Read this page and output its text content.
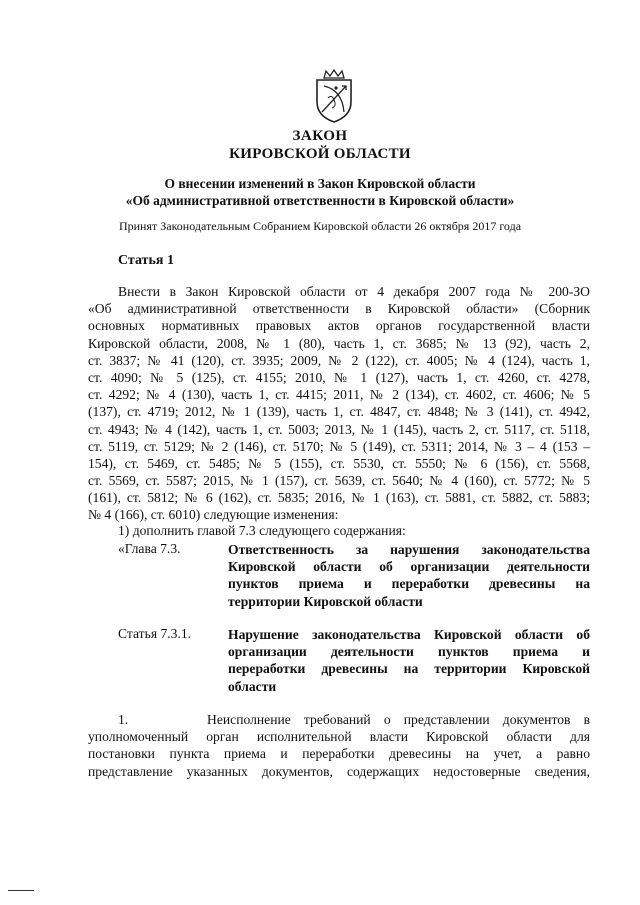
ЗАКОН
КИРОВСКОЙ ОБЛАСТИ
О внесении изменений в Закон Кировской области
«Об административной ответственности в Кировской области»
Принят Законодательным Собранием Кировской области 26 октября 2017 года
Статья 1
Внести в Закон Кировской области от 4 декабря 2007 года № 200-ЗО
«Об административной ответственности в Кировской области» (Сборник
основных нормативных правовых актов органов государственной власти
Кировской области, 2008, № 1 (80), часть 1, ст. 3685; № 13 (92), часть 2,
ст. 3837; № 41 (120), ст. 3935; 2009, № 2 (122), ст. 4005; № 4 (124), часть 1,
ст. 4090; № 5 (125), ст. 4155; 2010, № 1 (127), часть 1, ст. 4260, ст. 4278,
ст. 4292; № 4 (130), часть 1, ст. 4415; 2011, № 2 (134), ст. 4602, ст. 4606; № 5
(137), ст. 4719; 2012, № 1 (139), часть 1, ст. 4847, ст. 4848; № 3 (141), ст. 4942,
ст. 4943; № 4 (142), часть 1, ст. 5003; 2013, № 1 (145), часть 2, ст. 5117, ст. 5118,
ст. 5119, ст. 5129; № 2 (146), ст. 5170; № 5 (149), ст. 5311; 2014, № 3 – 4 (153 –
154), ст. 5469, ст. 5485; № 5 (155), ст. 5530, ст. 5550; № 6 (156), ст. 5568,
ст. 5569, ст. 5587; 2015, № 1 (157), ст. 5639, ст. 5640; № 4 (160), ст. 5772; № 5
(161), ст. 5812; № 6 (162), ст. 5835; 2016, № 1 (163), ст. 5881, ст. 5882, ст. 5883;
№ 4 (166), ст. 6010) следующие изменения:
1) дополнить главой 7.3 следующего содержания:
«Глава 7.3.	Ответственность за нарушения законодательства
Кировской области об организации деятельности
пунктов приема и переработки древесины на
территории Кировской области
Статья 7.3.1.	Нарушение законодательства Кировской области об
организации деятельности пунктов приема и
переработки древесины на территории Кировской
области
1.      Неисполнение требований о представлении документов в
уполномоченный орган исполнительной власти Кировской области для
постановки пункта приема и переработки древесины на учет, а равно
представление указанных документов, содержащих недостоверные сведения,
